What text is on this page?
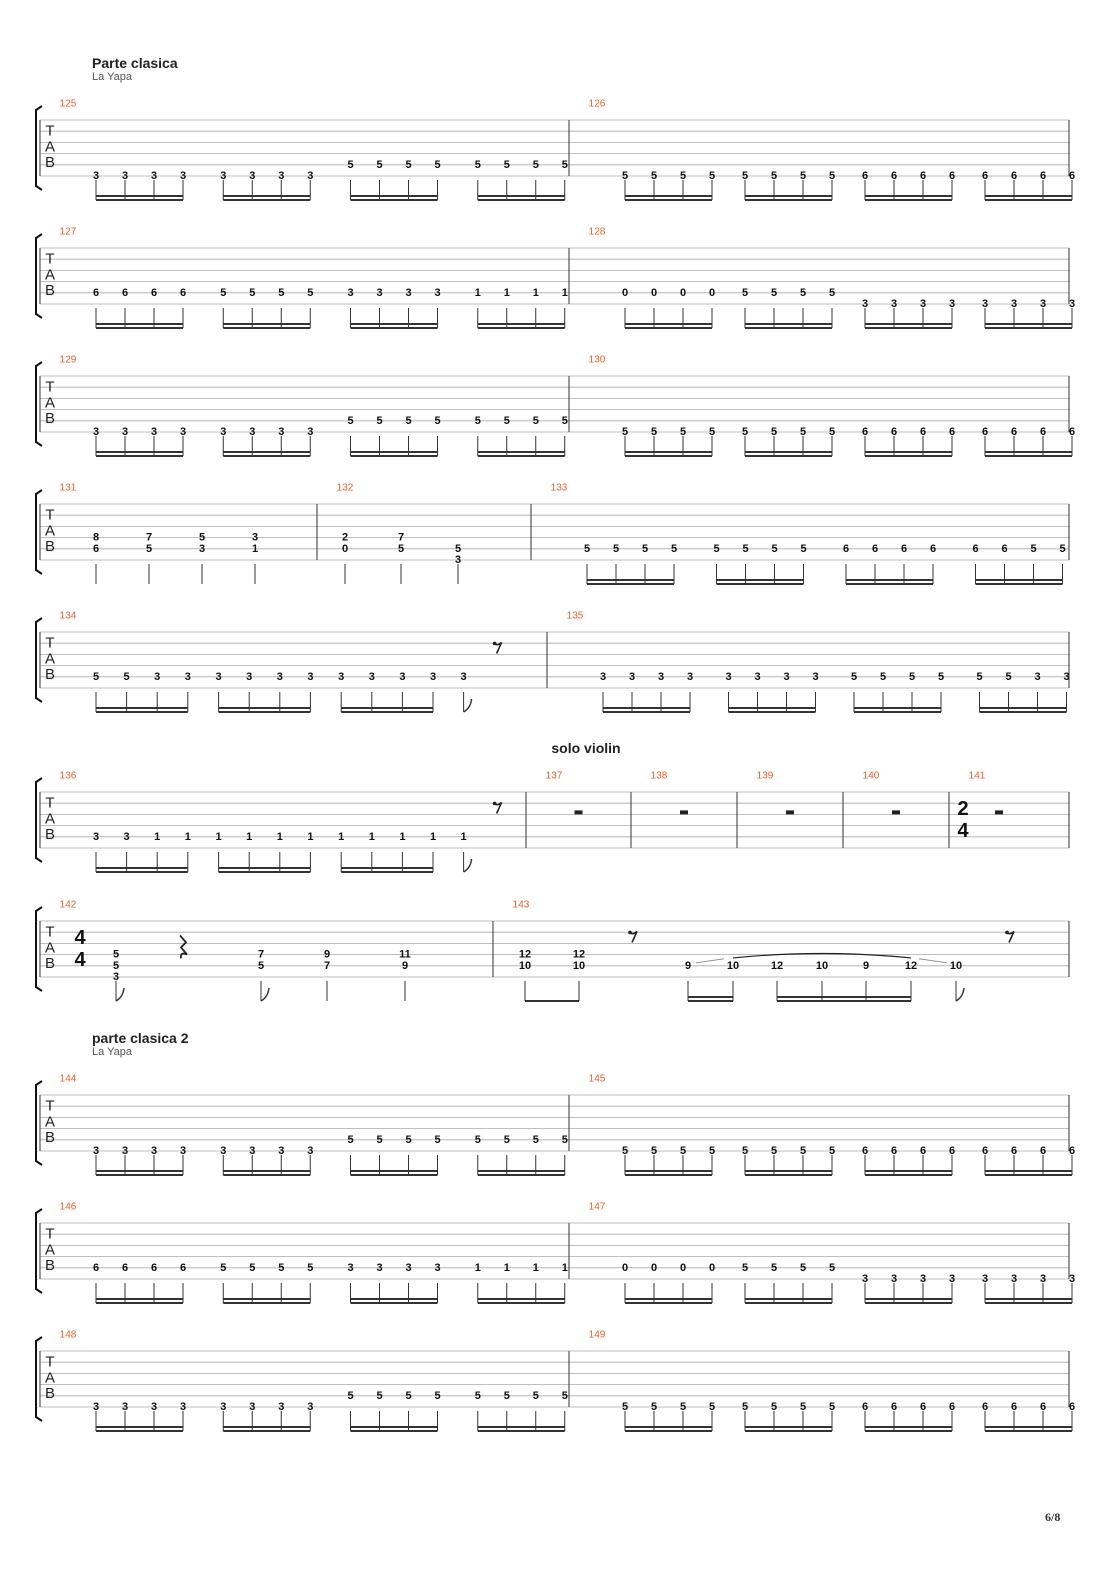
Parte clasica
La Yapa
solo violin
parte clasica 2
La Yapa
6/8
T
A
B
125
3 3 3 3	3 3 3 3
5 5 5 5	5 5 5 5
126
5 5 5 5 5 5 5 5 6 6 6 6 6 6 6 6
T
A
B
127
6 6 6 6	5 5 5 5	3 3 3 3	1 1 1 1
128
0 0 0 0 5 5 5 5
3 3 3 3 3 3 3 3
T
A
B
129
3 3 3 3	3 3 3 3
5 5 5 5	5 5 5 5
130
5 5 5 5 5 5 5 5 6 6 6 6 6 6 6 6
T
A
B
131
8
6
7
5
5
3
3
1
132
2
0
7
5	5
3
133
5 5 5 5	5 5 5 5	6 6 6 6	6 6 5 5
T
A
B
134
5 5 3 3 3 3 3 3 3 3 3 3 3
135
3 3 3 3	3 3 3 3	5 5 5 5	5 5 3 3
T
A
B
136
3 3 1 1 1 1 1 1 1 1 1 1 1
137	138	139	140	141
2
4
T
A
B
142
4
4 5
5
3
7
5
9
7
11
9
143
12
10
12
10	9	10	12	10	9	12	10
T
A
B
144
3 3 3 3	3 3 3 3
5 5 5 5	5 5 5 5
145
5 5 5 5 5 5 5 5 6 6 6 6 6 6 6 6
T
A
B
146
6 6 6 6	5 5 5 5	3 3 3 3	1 1 1 1
147
0 0 0 0 5 5 5 5
3 3 3 3 3 3 3 3
T
A
B
148
3 3 3 3	3 3 3 3
5 5 5 5	5 5 5 5
149
5 5 5 5 5 5 5 5 6 6 6 6 6 6 6 6
